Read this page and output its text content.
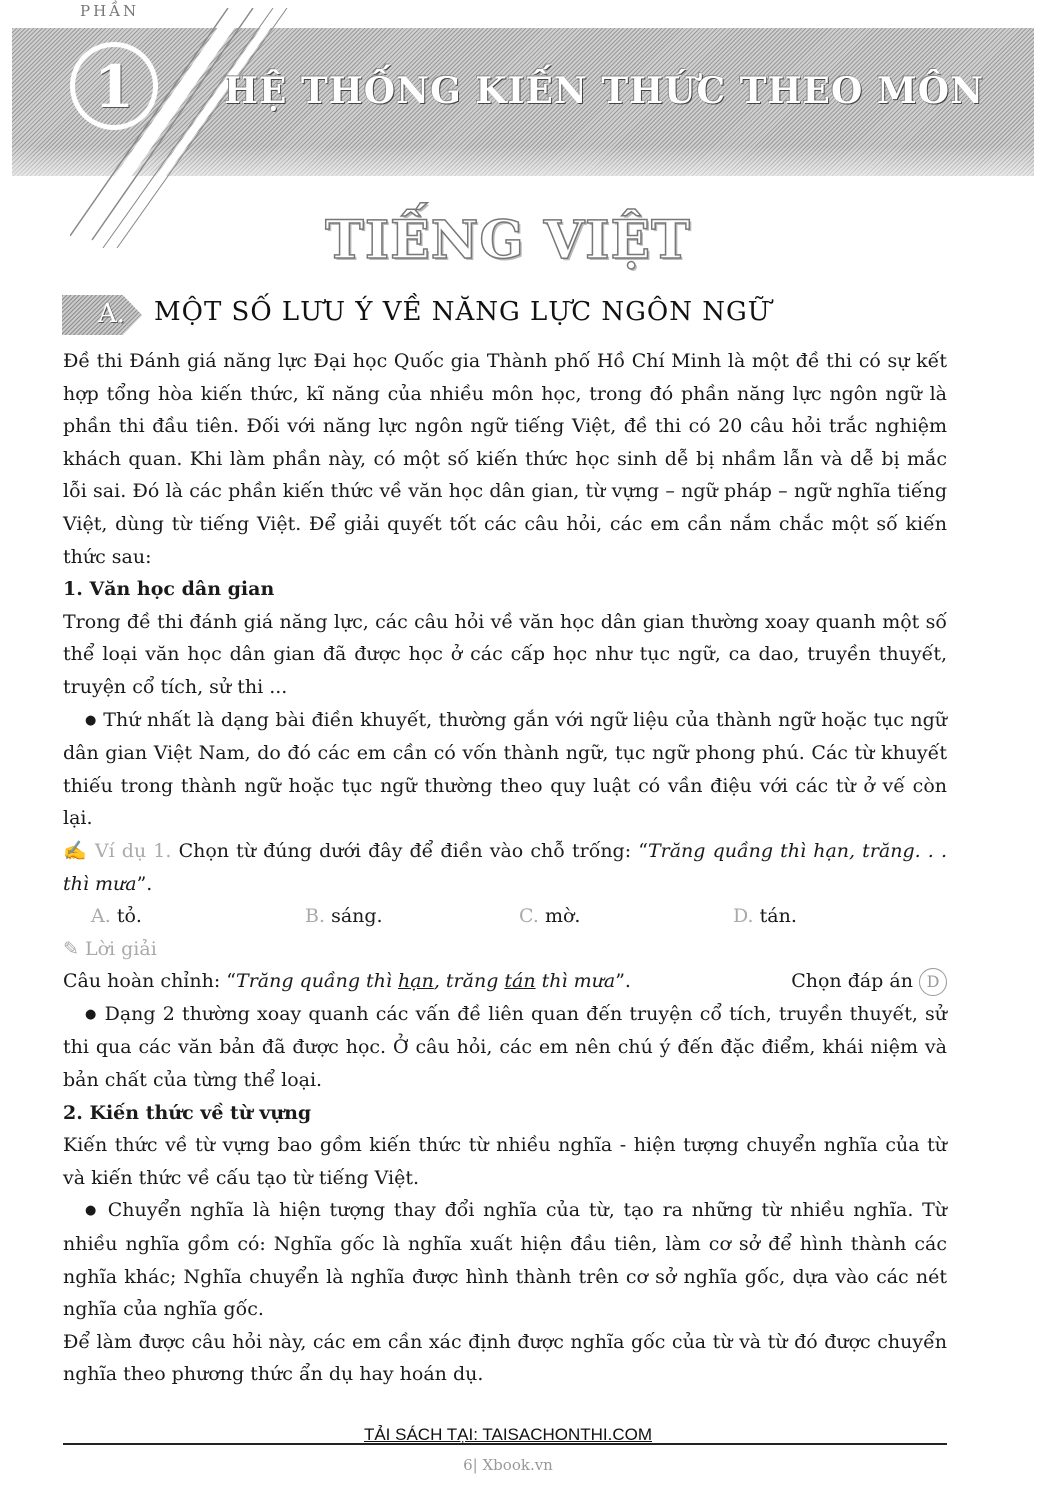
PHẦN
1	HỆ THỐNG KIẾN THỨC THEO MÔN
TIẾNG VIỆT
A. MỘT SỐ LƯU Ý VỀ NĂNG LỰC NGÔN NGỮ

Đề thi Đánh giá năng lực Đại học Quốc gia Thành phố Hồ Chí Minh là một đề thi có sự kết hợp tổng hòa kiến thức, kĩ năng của nhiều môn học, trong đó phần năng lực ngôn ngữ là phần thi đầu tiên. Đối với năng lực ngôn ngữ tiếng Việt, đề thi có 20 câu hỏi trắc nghiệm khách quan. Khi làm phần này, có một số kiến thức học sinh dễ bị nhầm lẫn và dễ bị mắc lỗi sai. Đó là các phần kiến thức về văn học dân gian, từ vựng – ngữ pháp – ngữ nghĩa tiếng Việt, dùng từ tiếng Việt. Để giải quyết tốt các câu hỏi, các em cần nắm chắc một số kiến thức sau:

1. Văn học dân gian

Trong đề thi đánh giá năng lực, các câu hỏi về văn học dân gian thường xoay quanh một số thể loại văn học dân gian đã được học ở các cấp học như tục ngữ, ca dao, truyền thuyết, truyện cổ tích, sử thi ...

● Thứ nhất là dạng bài điền khuyết, thường gắn với ngữ liệu của thành ngữ hoặc tục ngữ dân gian Việt Nam, do đó các em cần có vốn thành ngữ, tục ngữ phong phú. Các từ khuyết thiếu trong thành ngữ hoặc tục ngữ thường theo quy luật có vần điệu với các từ ở vế còn lại.

✍ Ví dụ 1. Chọn từ đúng dưới đây để điền vào chỗ trống: “Trăng quầng thì hạn, trăng. . . thì mưa”.

A. tỏ.	B. sáng.	C. mờ.	D. tán.

✎ Lời giải

Câu hoàn chỉnh: “Trăng quầng thì hạn, trăng tán thì mưa”.	Chọn đáp án D

● Dạng 2 thường xoay quanh các vấn đề liên quan đến truyện cổ tích, truyền thuyết, sử thi qua các văn bản đã được học. Ở câu hỏi, các em nên chú ý đến đặc điểm, khái niệm và bản chất của từng thể loại.

2. Kiến thức về từ vựng

Kiến thức về từ vựng bao gồm kiến thức từ nhiều nghĩa - hiện tượng chuyển nghĩa của từ và kiến thức về cấu tạo từ tiếng Việt.

● Chuyển nghĩa là hiện tượng thay đổi nghĩa của từ, tạo ra những từ nhiều nghĩa. Từ nhiều nghĩa gồm có: Nghĩa gốc là nghĩa xuất hiện đầu tiên, làm cơ sở để hình thành các nghĩa khác; Nghĩa chuyển là nghĩa được hình thành trên cơ sở nghĩa gốc, dựa vào các nét nghĩa của nghĩa gốc.

Để làm được câu hỏi này, các em cần xác định được nghĩa gốc của từ và từ đó được chuyển nghĩa theo phương thức ẩn dụ hay hoán dụ.

TẢI SÁCH TẠI: TAISACHONTHI.COM
6| Xbook.vn
